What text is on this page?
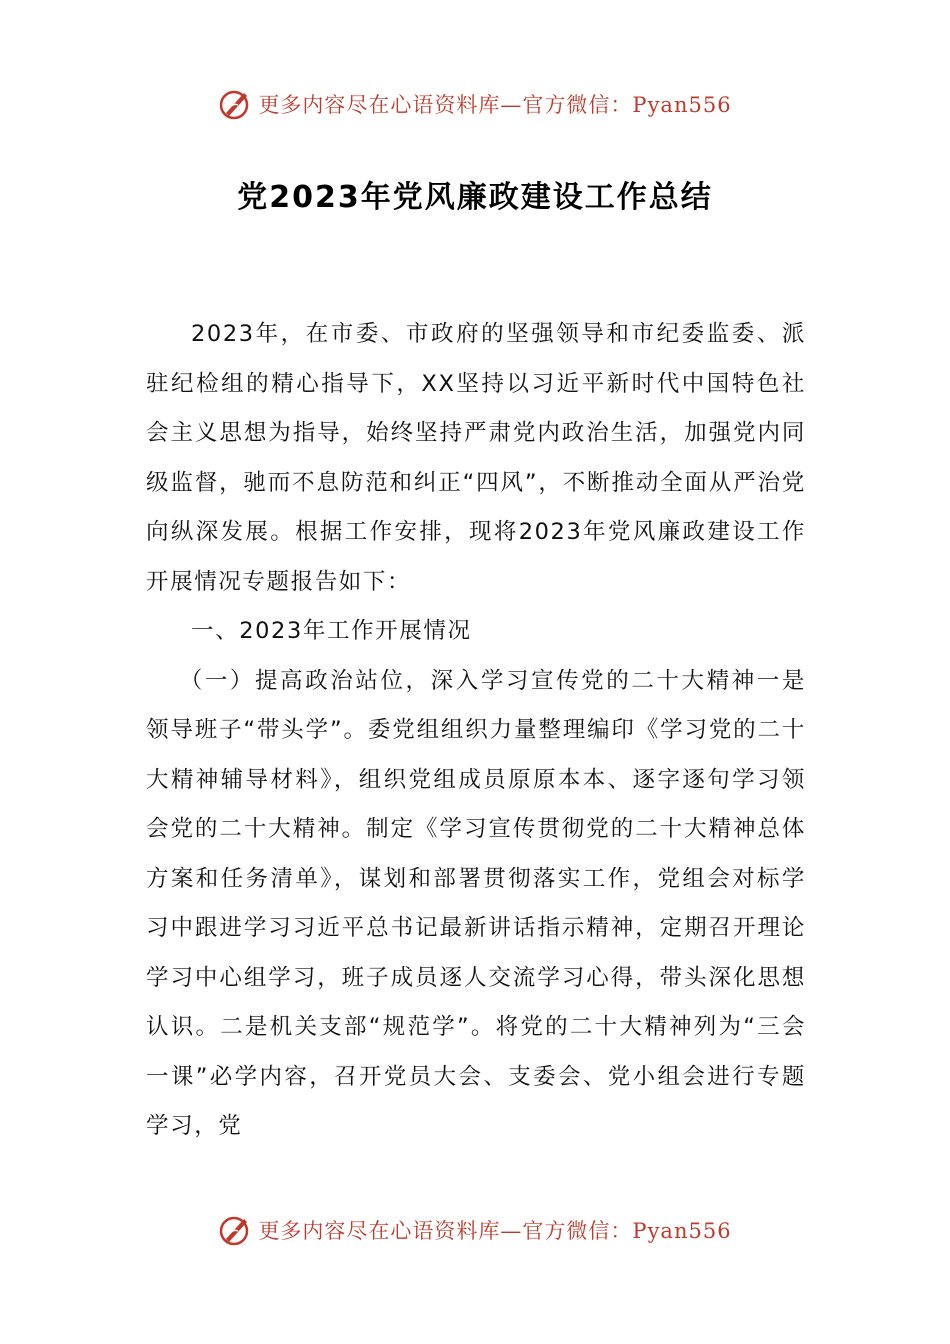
更多内容尽在心语资料库—官方微信：Pyan556
党2023年党风廉政建设工作总结

2023年，在市委、市政府的坚强领导和市纪委监委、派驻纪检组的精心指导下，XX坚持以习近平新时代中国特色社会主义思想为指导，始终坚持严肃党内政治生活，加强党内同级监督，驰而不息防范和纠正“四风”，不断推动全面从严治党向纵深发展。根据工作安排，现将2023年党风廉政建设工作开展情况专题报告如下：

一、2023年工作开展情况

（一）提高政治站位，深入学习宣传党的二十大精神一是领导班子“带头学”。委党组组织力量整理编印《学习党的二十大精神辅导材料》，组织党组成员原原本本、逐字逐句学习领会党的二十大精神。制定《学习宣传贯彻党的二十大精神总体方案和任务清单》，谋划和部署贯彻落实工作，党组会对标学习中跟进学习习近平总书记最新讲话指示精神，定期召开理论学习中心组学习，班子成员逐人交流学习心得，带头深化思想认识。二是机关支部“规范学”。将党的二十大精神列为“三会一课”必学内容，召开党员大会、支委会、党小组会进行专题学习，党

更多内容尽在心语资料库—官方微信：Pyan556
